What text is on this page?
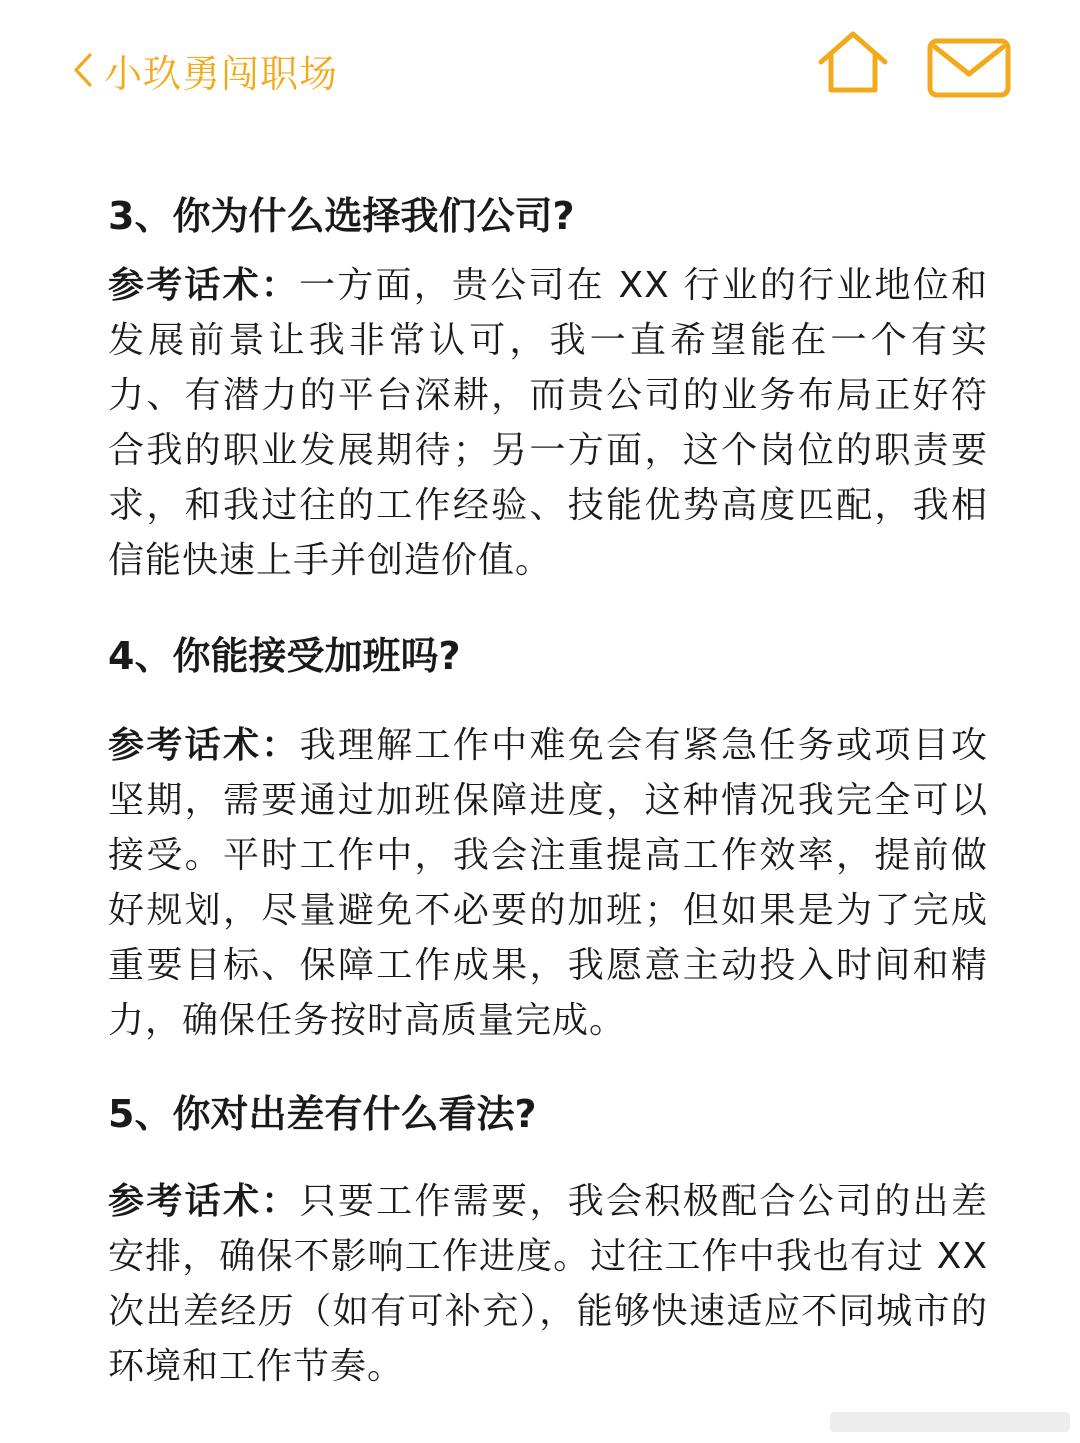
小玖勇闯职场
3、你为什么选择我们公司?

参考话术：一方面，贵公司在 XX 行业的行业地位和发展前景让我非常认可，我一直希望能在一个有实力、有潜力的平台深耕，而贵公司的业务布局正好符合我的职业发展期待；另一方面，这个岗位的职责要求，和我过往的工作经验、技能优势高度匹配，我相信能快速上手并创造价值。

4、你能接受加班吗?

参考话术：我理解工作中难免会有紧急任务或项目攻坚期，需要通过加班保障进度，这种情况我完全可以接受。平时工作中，我会注重提高工作效率，提前做好规划，尽量避免不必要的加班；但如果是为了完成重要目标、保障工作成果，我愿意主动投入时间和精力，确保任务按时高质量完成。

5、你对出差有什么看法?

参考话术：只要工作需要，我会积极配合公司的出差安排，确保不影响工作进度。过往工作中我也有过 XX 次出差经历（如有可补充），能够快速适应不同城市的环境和工作节奏。
